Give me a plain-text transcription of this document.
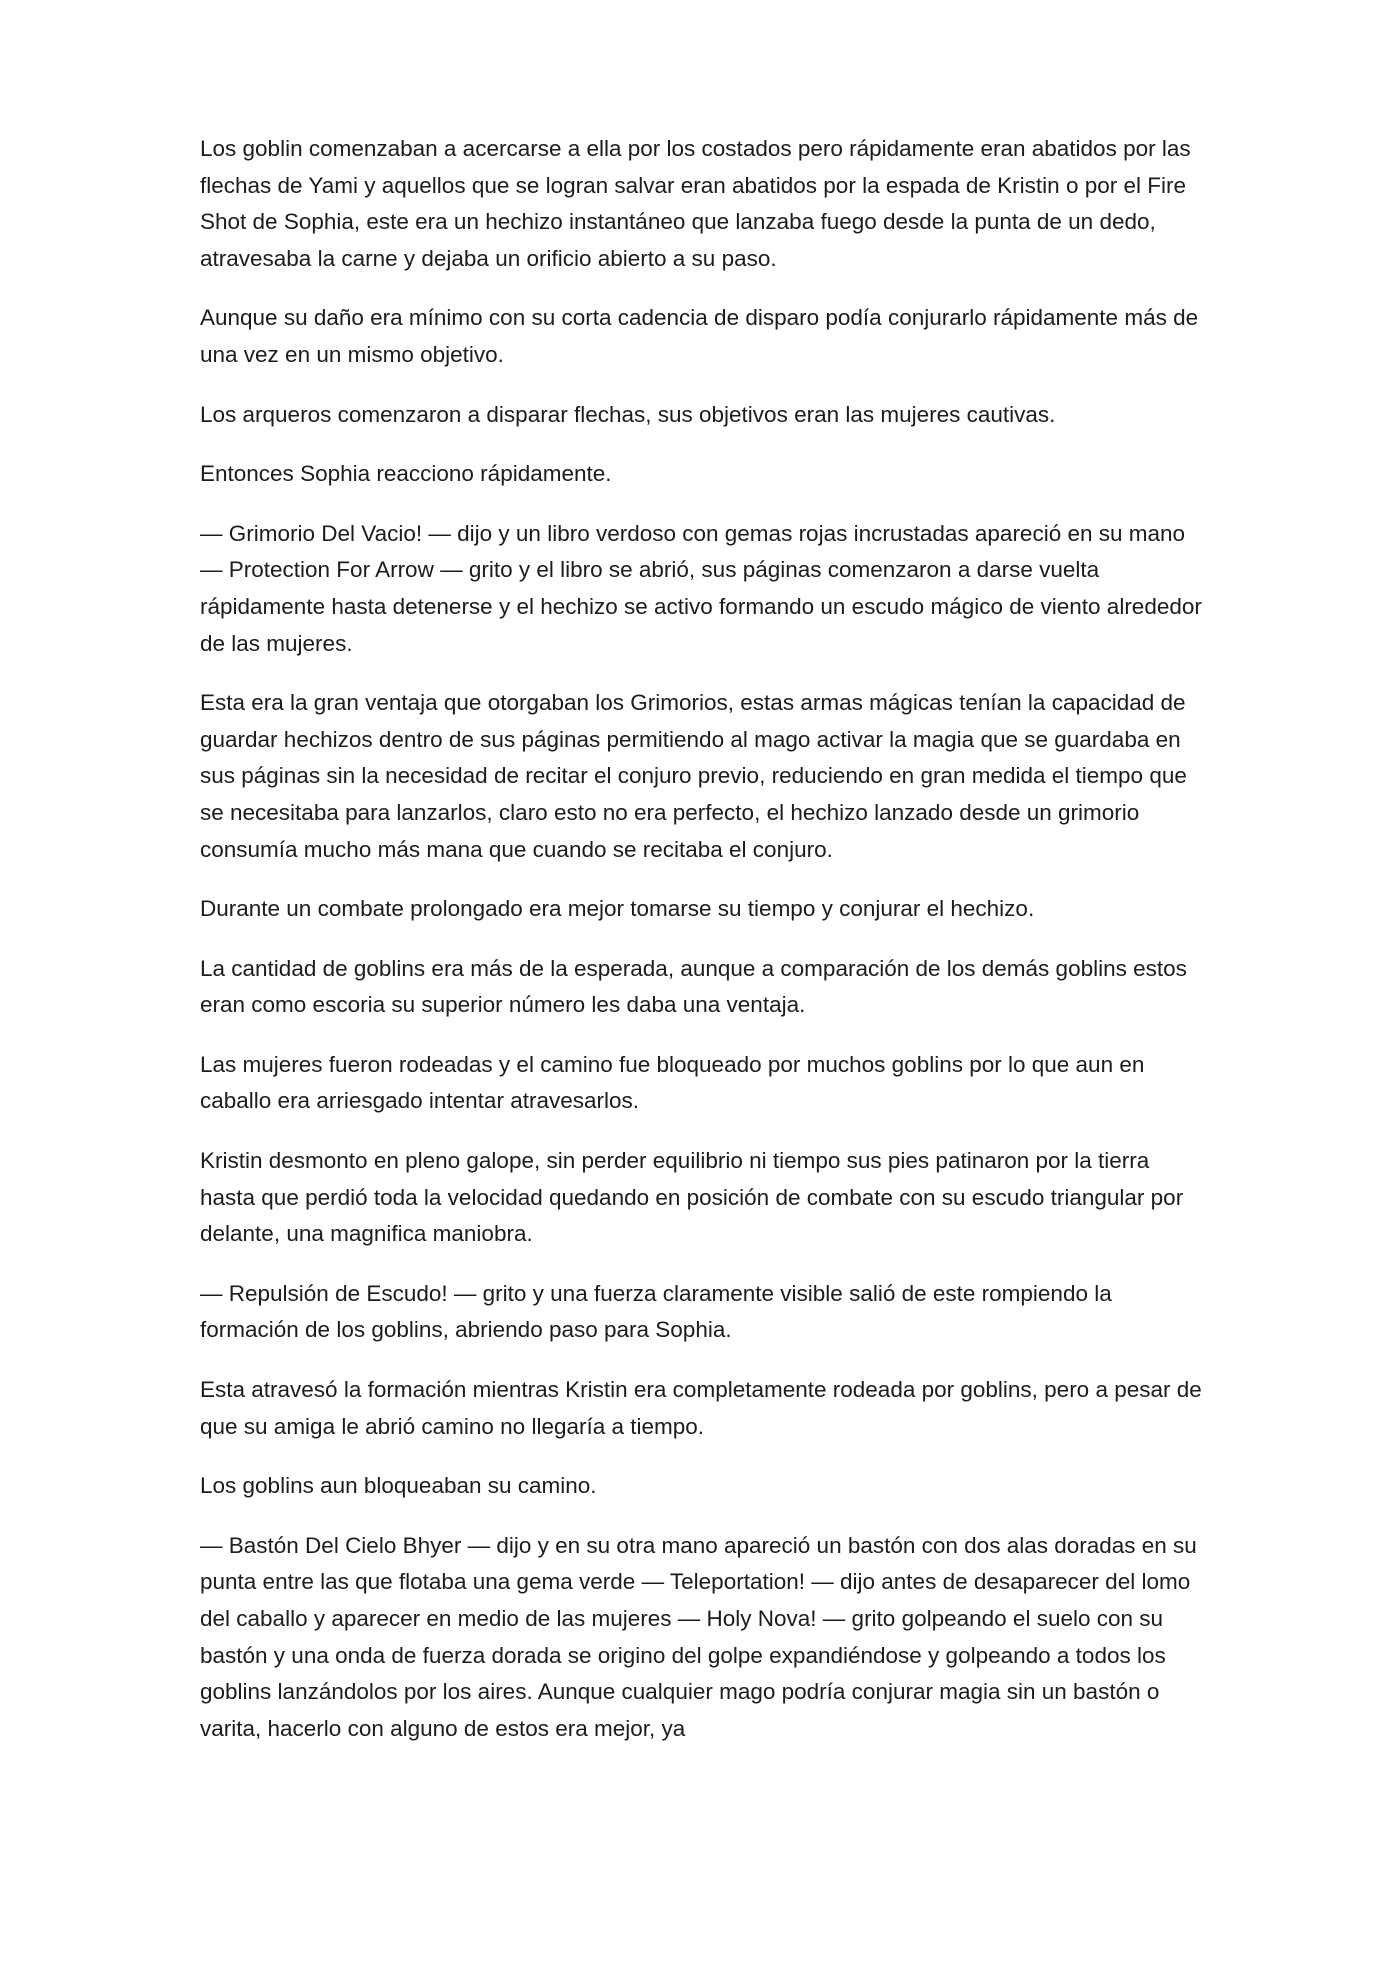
Los goblin comenzaban a acercarse a ella por los costados pero rápidamente eran abatidos por las flechas de Yami y aquellos que se logran salvar eran abatidos por la espada de Kristin o por el Fire Shot de Sophia, este era un hechizo instantáneo que lanzaba fuego desde la punta de un dedo, atravesaba la carne y dejaba un orificio abierto a su paso.

Aunque su daño era mínimo con su corta cadencia de disparo podía conjurarlo rápidamente más de una vez en un mismo objetivo.

Los arqueros comenzaron a disparar flechas, sus objetivos eran las mujeres cautivas.

Entonces Sophia reacciono rápidamente.

— Grimorio Del Vacio! — dijo y un libro verdoso con gemas rojas incrustadas apareció en su mano — Protection For Arrow — grito y el libro se abrió, sus páginas comenzaron a darse vuelta rápidamente hasta detenerse y el hechizo se activo formando un escudo mágico de viento alrededor de las mujeres.

Esta era la gran ventaja que otorgaban los Grimorios, estas armas mágicas tenían la capacidad de guardar hechizos dentro de sus páginas permitiendo al mago activar la magia que se guardaba en sus páginas sin la necesidad de recitar el conjuro previo, reduciendo en gran medida el tiempo que se necesitaba para lanzarlos, claro esto no era perfecto, el hechizo lanzado desde un grimorio consumía mucho más mana que cuando se recitaba el conjuro.

Durante un combate prolongado era mejor tomarse su tiempo y conjurar el hechizo.

La cantidad de goblins era más de la esperada, aunque a comparación de los demás goblins estos eran como escoria su superior número les daba una ventaja.

Las mujeres fueron rodeadas y el camino fue bloqueado por muchos goblins por lo que aun en caballo era arriesgado intentar atravesarlos.

Kristin desmonto en pleno galope, sin perder equilibrio ni tiempo sus pies patinaron por la tierra hasta que perdió toda la velocidad quedando en posición de combate con su escudo triangular por delante, una magnifica maniobra.

— Repulsión de Escudo! — grito y una fuerza claramente visible salió de este rompiendo la formación de los goblins, abriendo paso para Sophia.

Esta atravesó la formación mientras Kristin era completamente rodeada por goblins, pero a pesar de que su amiga le abrió camino no llegaría a tiempo.

Los goblins aun bloqueaban su camino.

— Bastón Del Cielo Bhyer — dijo y en su otra mano apareció un bastón con dos alas doradas en su punta entre las que flotaba una gema verde — Teleportation! — dijo antes de desaparecer del lomo del caballo y aparecer en medio de las mujeres — Holy Nova! — grito golpeando el suelo con su bastón y una onda de fuerza dorada se origino del golpe expandiéndose y golpeando a todos los goblins lanzándolos por los aires. Aunque cualquier mago podría conjurar magia sin un bastón o varita, hacerlo con alguno de estos era mejor, ya
